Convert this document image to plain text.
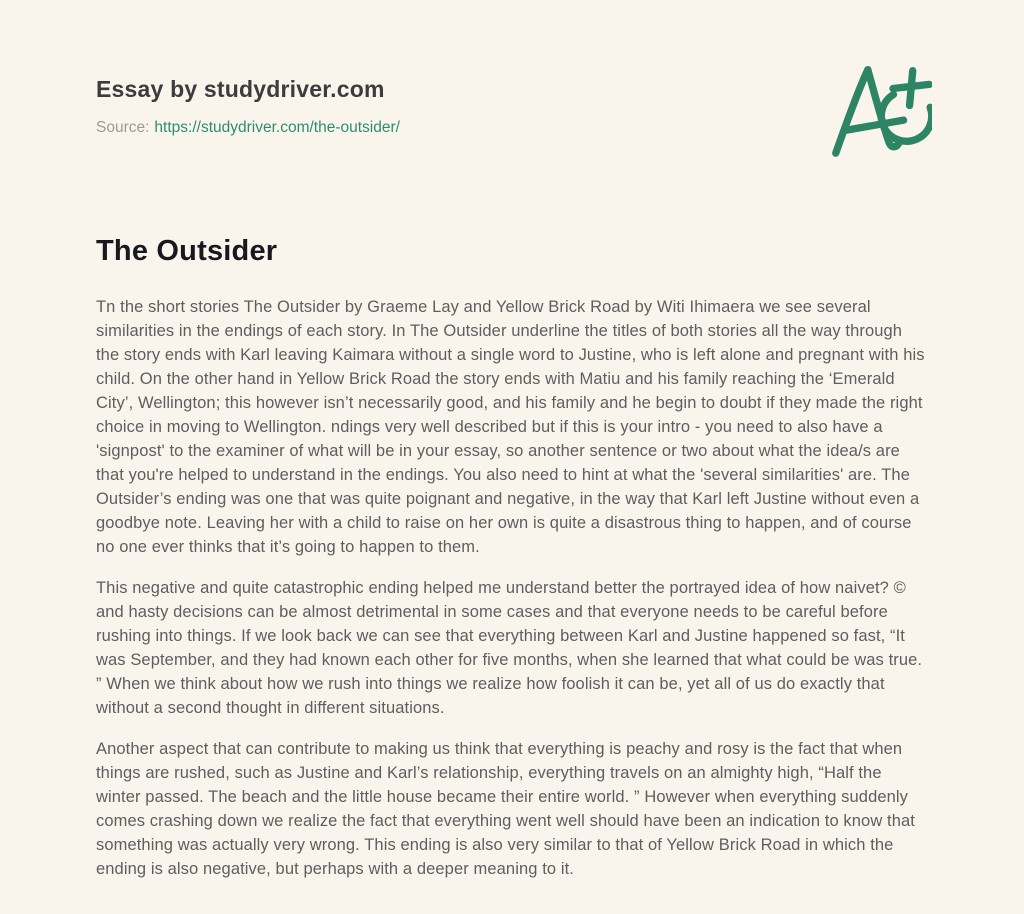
Essay by studydriver.com
Source: https://studydriver.com/the-outsider/
The Outsider

Tn the short stories The Outsider by Graeme Lay and Yellow Brick Road by Witi Ihimaera we see several similarities in the endings of each story. In The Outsider underline the titles of both stories all the way through the story ends with Karl leaving Kaimara without a single word to Justine, who is left alone and pregnant with his child. On the other hand in Yellow Brick Road the story ends with Matiu and his family reaching the ‘Emerald City’, Wellington; this however isn’t necessarily good, and his family and he begin to doubt if they made the right choice in moving to Wellington. ndings very well described but if this is your intro - you need to also have a 'signpost' to the examiner of what will be in your essay, so another sentence or two about what the idea/s are that you're helped to understand in the endings. You also need to hint at what the 'several similarities' are. The Outsider’s ending was one that was quite poignant and negative, in the way that Karl left Justine without even a goodbye note. Leaving her with a child to raise on her own is quite a disastrous thing to happen, and of course no one ever thinks that it’s going to happen to them.

This negative and quite catastrophic ending helped me understand better the portrayed idea of how naivet? © and hasty decisions can be almost detrimental in some cases and that everyone needs to be careful before rushing into things. If we look back we can see that everything between Karl and Justine happened so fast, “It was September, and they had known each other for five months, when she learned that what could be was true. ” When we think about how we rush into things we realize how foolish it can be, yet all of us do exactly that without a second thought in different situations.

Another aspect that can contribute to making us think that everything is peachy and rosy is the fact that when things are rushed, such as Justine and Karl’s relationship, everything travels on an almighty high, “Half the winter passed. The beach and the little house became their entire world. ” However when everything suddenly comes crashing down we realize the fact that everything went well should have been an indication to know that something was actually very wrong. This ending is also very similar to that of Yellow Brick Road in which the ending is also negative, but perhaps with a deeper meaning to it.
